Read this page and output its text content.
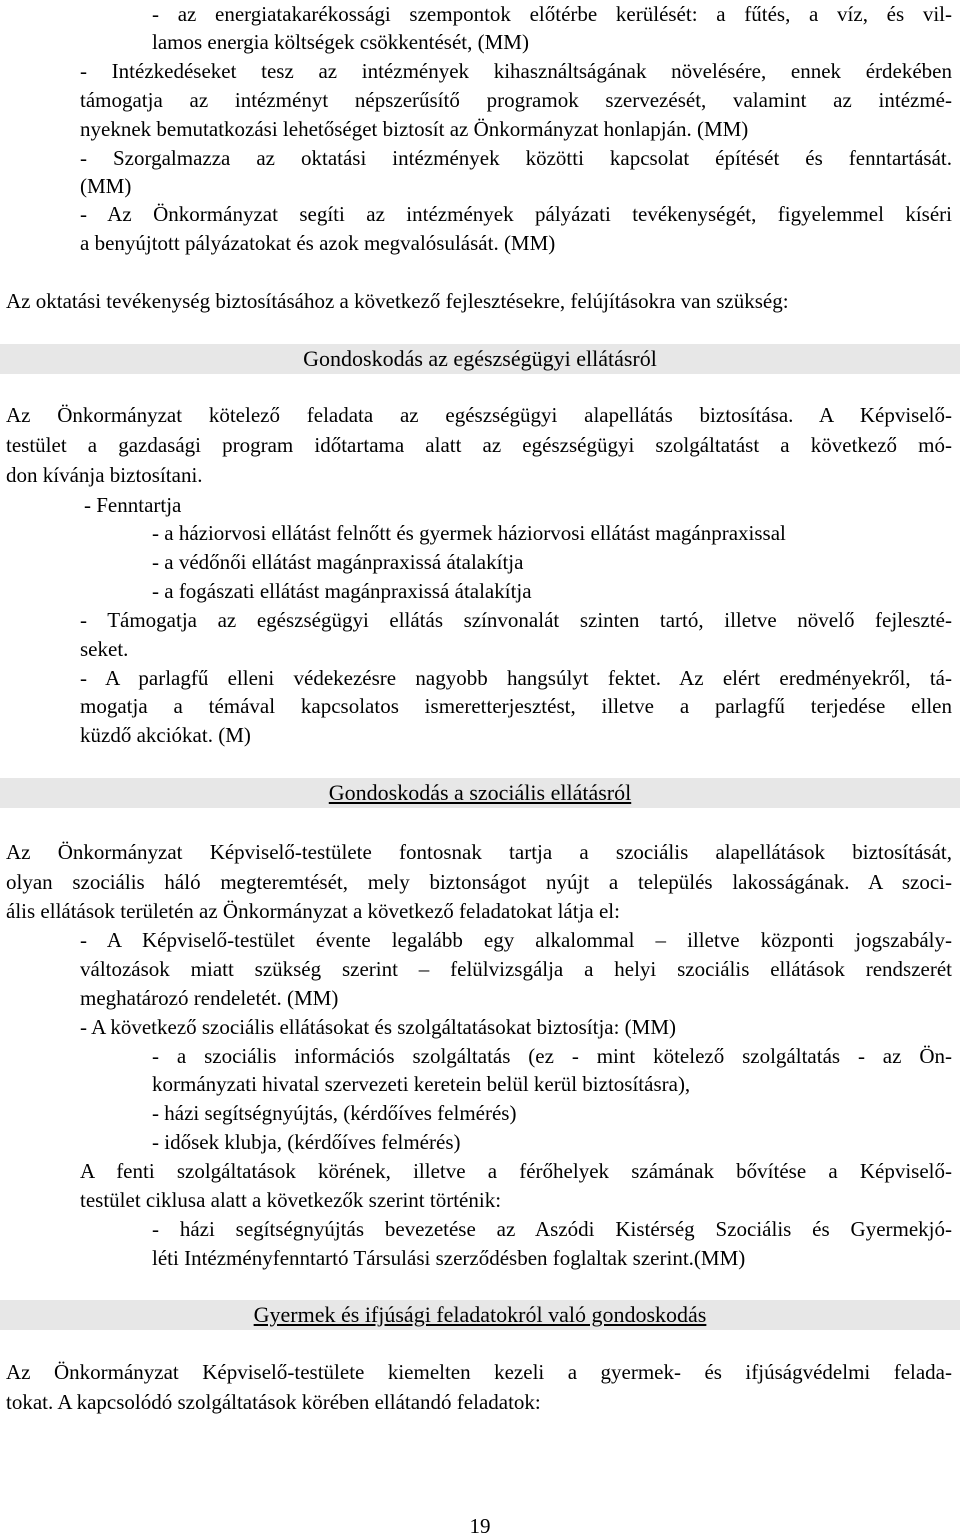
- az energiatakarékossági szempontok előtérbe kerülését: a fűtés, a víz, és vil-
lamos energia költségek csökkentését, (MM)
- Intézkedéseket tesz az intézmények kihasználtságának növelésére, ennek érdekében
támogatja az intézményt népszerűsítő programok szervezését, valamint az intézmé-
nyeknek bemutatkozási lehetőséget biztosít az Önkormányzat honlapján. (MM)
- Szorgalmazza az oktatási intézmények közötti kapcsolat építését és fenntartását.
(MM)
- Az Önkormányzat segíti az intézmények pályázati tevékenységét, figyelemmel kíséri
a benyújtott pályázatokat és azok megvalósulását. (MM)
Az oktatási tevékenység biztosításához a következő fejlesztésekre, felújításokra van szükség:
Gondoskodás az egészségügyi ellátásról
Az Önkormányzat kötelező feladata az egészségügyi alapellátás biztosítása. A Képviselő-
testület a gazdasági program időtartama alatt az egészségügyi szolgáltatást a következő mó-
don kívánja biztosítani.
- Fenntartja
- a háziorvosi ellátást felnőtt és gyermek háziorvosi ellátást magánpraxissal
- a védőnői ellátást magánpraxissá átalakítja
- a fogászati ellátást magánpraxissá átalakítja
- Támogatja az egészségügyi ellátás színvonalát szinten tartó, illetve növelő fejleszté-
seket.
- A parlagfű elleni védekezésre nagyobb hangsúlyt fektet. Az elért eredményekről, tá-
mogatja a témával kapcsolatos ismeretterjesztést, illetve a parlagfű terjedése ellen
küzdő akciókat. (M)
Gondoskodás a szociális ellátásról
Az Önkormányzat Képviselő-testülete fontosnak tartja a szociális alapellátások biztosítását,
olyan szociális háló megteremtését, mely biztonságot nyújt a település lakosságának. A szoci-
ális ellátások területén az Önkormányzat a következő feladatokat látja el:
- A Képviselő-testület évente legalább egy alkalommal – illetve központi jogszabály-
változások miatt szükség szerint – felülvizsgálja a helyi szociális ellátások rendszerét
meghatározó rendeletét. (MM)
- A következő szociális ellátásokat és szolgáltatásokat biztosítja: (MM)
- a szociális információs szolgáltatás (ez - mint kötelező szolgáltatás - az Ön-
kormányzati hivatal szervezeti keretein belül kerül biztosításra),
- házi segítségnyújtás, (kérdőíves felmérés)
- idősek klubja, (kérdőíves felmérés)
A fenti szolgáltatások körének, illetve a férőhelyek számának bővítése a Képviselő-
testület ciklusa alatt a következők szerint történik:
- házi segítségnyújtás bevezetése az Aszódi Kistérség Szociális és Gyermekjó-
léti Intézményfenntartó Társulási szerződésben foglaltak szerint.(MM)
Gyermek és ifjúsági feladatokról való gondoskodás
Az Önkormányzat Képviselő-testülete kiemelten kezeli a gyermek- és ifjúságvédelmi felada-
tokat. A kapcsolódó szolgáltatások körében ellátandó feladatok:
19
